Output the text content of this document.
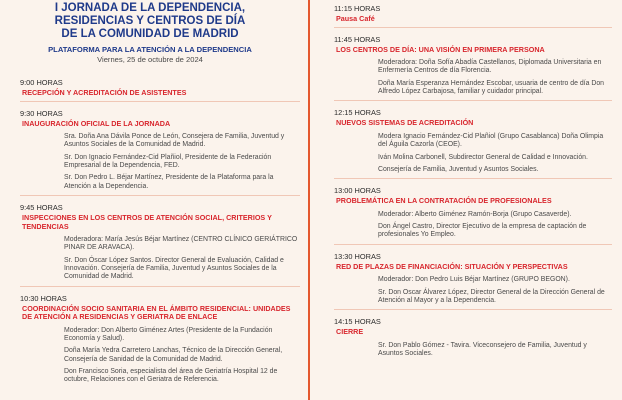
I JORNADA DE LA DEPENDENCIA,
RESIDENCIAS Y CENTROS DE DÍA
DE LA COMUNIDAD DE MADRID
PLATAFORMA PARA LA ATENCIÓN A LA DEPENDENCIA
Viernes, 25 de octubre de 2024
9:00 HORAS
RECEPCIÓN Y ACREDITACIÓN DE ASISTENTES
9:30 HORAS
INAUGURACIÓN OFICIAL DE LA JORNADA
Sra. Doña Ana Dávila Ponce de León, Consejera de Familia, Juventud y Asuntos Sociales de la Comunidad de Madrid.
Sr. Don Ignacio Fernández-Cid Plañiol, Presidente de la Federación Empresarial de la Dependencia, FED.
Sr. Don Pedro L. Béjar Martínez, Presidente de la Plataforma para la Atención a la Dependencia.
9:45 HORAS
INSPECCIONES EN LOS CENTROS DE ATENCIÓN SOCIAL, CRITERIOS Y TENDENCIAS
Moderadora: María Jesús Béjar Martínez (CENTRO CLÍNICO GERIÁTRICO PINAR DE ARAVACA).
Sr. Don Óscar López Santos. Director General de Evaluación, Calidad e Innovación. Consejería de Familia, Juventud y Asuntos Sociales de la Comunidad de Madrid.
10:30 HORAS
COORDINACIÓN SOCIO SANITARIA EN EL ÁMBITO RESIDENCIAL: UNIDADES DE ATENCIÓN A RESIDENCIAS Y GERIATRA DE ENLACE
Moderador: Don Alberto Giménez Artes (Presidente de la Fundación Economía y Salud).
Doña María Yedra Carretero Lanchas, Técnico de la Dirección General, Consejería de Sanidad de la Comunidad de Madrid.
Don Francisco Soria, especialista del área de Geriatría Hospital 12 de octubre, Relaciones con el Geriatra de Referencia.
11:15 HORAS
Pausa Café
11:45 HORAS
LOS CENTROS DE DÍA: UNA VISIÓN EN PRIMERA PERSONA
Moderadora: Doña Sofía Abadía Castellanos, Diplomada Universitaria en Enfermería Centros de día Florencia.
Doña María Esperanza Hernández Escobar, usuaria de centro de día Don Alfredo López Carbajosa, familiar y cuidador principal.
12:15 HORAS
NUEVOS SISTEMAS DE ACREDITACIÓN
Modera Ignacio Fernández-Cid Plañiol (Grupo Casablanca) Doña Olimpia del Águila Cazorla (CEOE).
Iván Molina Carbonell, Subdirector General de Calidad e Innovación.
Consejería de Familia, Juventud y Asuntos Sociales.
13:00 HORAS
PROBLEMÁTICA EN LA CONTRATACIÓN DE PROFESIONALES
Moderador: Alberto Giménez Ramón-Borja (Grupo Casaverde).
Don Ángel Castro, Director Ejecutivo de la empresa de captación de profesionales Yo Empleo.
13:30 HORAS
RED DE PLAZAS DE FINANCIACIÓN: SITUACIÓN Y PERSPECTIVAS
Moderador: Don Pedro Luis Béjar Martínez (GRUPO BEGON).
Sr. Don Oscar Álvarez López, Director General de la Dirección General de Atención al Mayor y a la Dependencia.
14:15 HORAS
CIERRE
Sr. Don Pablo Gómez - Tavira. Viceconsejero de Familia, Juventud y Asuntos Sociales.
